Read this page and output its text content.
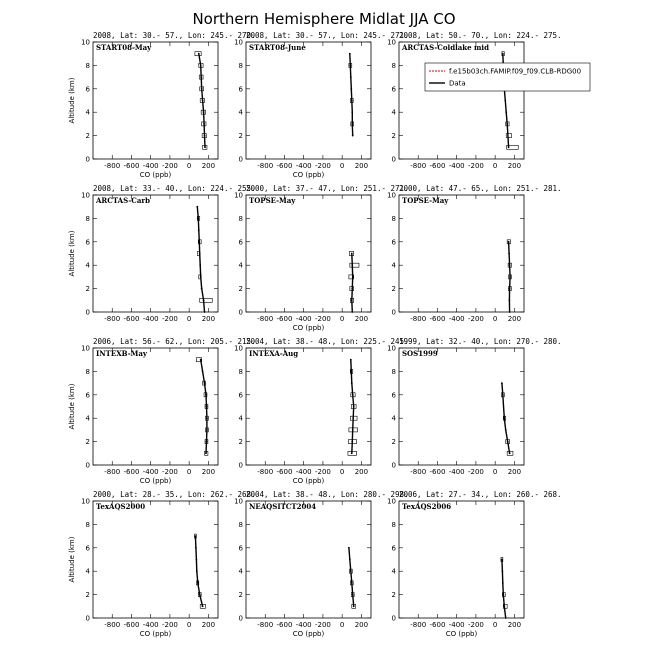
Northern Hemisphere Midlat JJA CO
2008, Lat: 30.- 57., Lon: 245.- 270.
START08-May
0
2
4
6
8
10
-800 -600 -400 -200 0 200
CO (ppb)
Altitude (km)
2008, Lat: 30.- 57., Lon: 245.- 271.
START08-June
0
2
4
6
8
10
-800 -600 -400 -200 0 200
CO (ppb)
2008, Lat: 50.- 70., Lon: 224.- 275.
ARCTAS-Coldlake mid
0
2
4
6
8
10
-800 -600 -400 -200 0 200
f.e15b03ch.FAMIP.f09_f09.CLB-RDG00
Data
2008, Lat: 33.- 40., Lon: 224.- 255.
ARCTAS-Carb
0
2
4
6
8
10
-800 -600 -400 -200 0 200
Altitude (km)
2000, Lat: 37.- 47., Lon: 251.- 271.
TOPSE-May
0
2
4
6
8
10
-800 -600 -400 -200 0 200
CO (ppb)
2000, Lat: 47.- 65., Lon: 251.- 281.
TOPSE-May
0
2
4
6
8
10
-800 -600 -400 -200 0 200
2006, Lat: 56.- 62., Lon: 205.- 215.
INTEXB-May
0
2
4
6
8
10
-800 -600 -400 -200 0 200
CO (ppb)
Altitude (km)
2004, Lat: 38.- 48., Lon: 225.- 245.
INTEXA-Aug
0
2
4
6
8
10
-800 -600 -400 -200 0 200
CO (ppb)
1999, Lat: 32.- 40., Lon: 270.- 280.
SOS1999
0
2
4
6
8
10
-800 -600 -400 -200 0 200
2000, Lat: 28.- 35., Lon: 262.- 268.
TexAQS2000
0
2
4
6
8
10
-800 -600 -400 -200 0 200
CO (ppb)
Altitude (km)
2004, Lat: 38.- 48., Lon: 280.- 298.
NEAQSITCT2004
0
2
4
6
8
10
-800 -600 -400 -200 0 200
CO (ppb)
2006, Lat: 27.- 34., Lon: 260.- 268.
TexAQS2006
0
2
4
6
8
10
-800 -600 -400 -200 0 200
CO (ppb)
